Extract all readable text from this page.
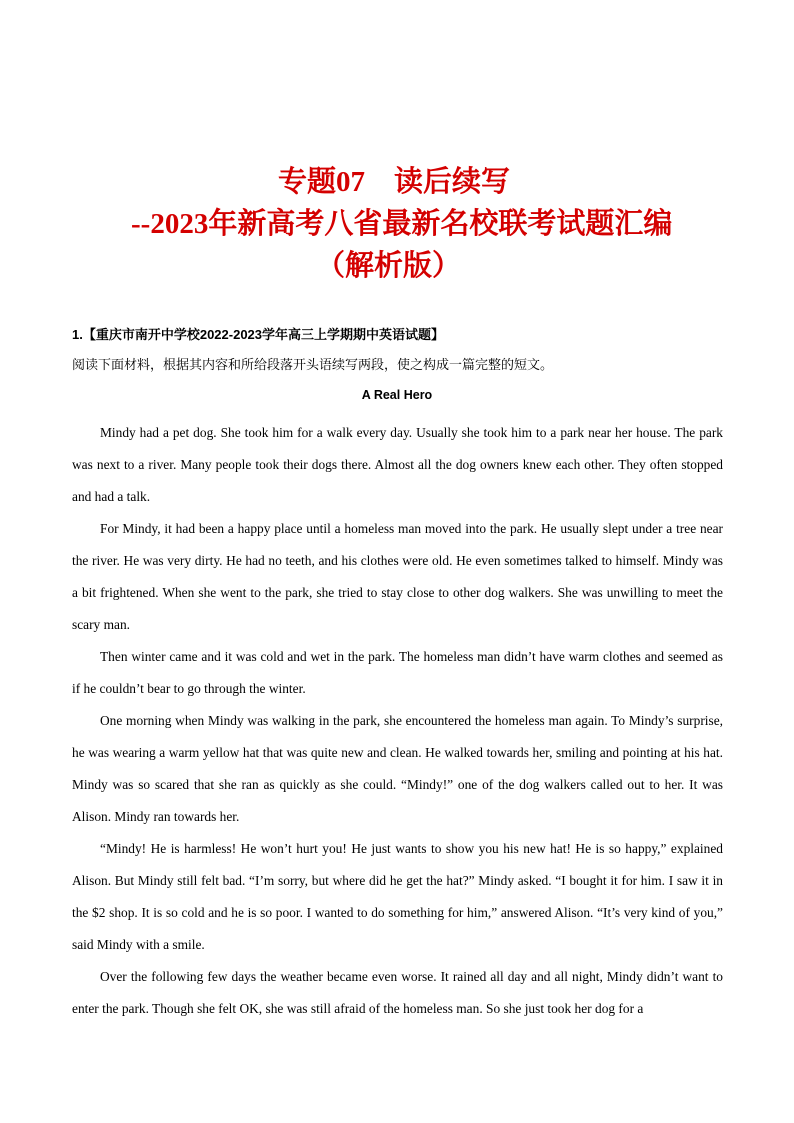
专题07    读后续写
--2023年新高考八省最新名校联考试题汇编
（解析版）
1.【重庆市南开中学校2022-2023学年高三上学期期中英语试题】
阅读下面材料，根据其内容和所给段落开头语续写两段，使之构成一篇完整的短文。
A Real Hero

Mindy had a pet dog. She took him for a walk every day. Usually she took him to a park near her house. The park was next to a river. Many people took their dogs there. Almost all the dog owners knew each other. They often stopped and had a talk.

For Mindy, it had been a happy place until a homeless man moved into the park. He usually slept under a tree near the river. He was very dirty. He had no teeth, and his clothes were old. He even sometimes talked to himself. Mindy was a bit frightened. When she went to the park, she tried to stay close to other dog walkers. She was unwilling to meet the scary man.

Then winter came and it was cold and wet in the park. The homeless man didn’t have warm clothes and seemed as if he couldn’t bear to go through the winter.

One morning when Mindy was walking in the park, she encountered the homeless man again. To Mindy’s surprise, he was wearing a warm yellow hat that was quite new and clean. He walked towards her, smiling and pointing at his hat. Mindy was so scared that she ran as quickly as she could. “Mindy!” one of the dog walkers called out to her. It was Alison. Mindy ran towards her.

“Mindy! He is harmless! He won’t hurt you! He just wants to show you his new hat! He is so happy,” explained Alison. But Mindy still felt bad. “I’m sorry, but where did he get the hat?” Mindy asked. “I bought it for him. I saw it in the $2 shop. It is so cold and he is so poor. I wanted to do something for him,” answered Alison. “It’s very kind of you,” said Mindy with a smile.

Over the following few days the weather became even worse. It rained all day and all night, Mindy didn’t want to enter the park. Though she felt OK, she was still afraid of the homeless man. So she just took her dog for a
